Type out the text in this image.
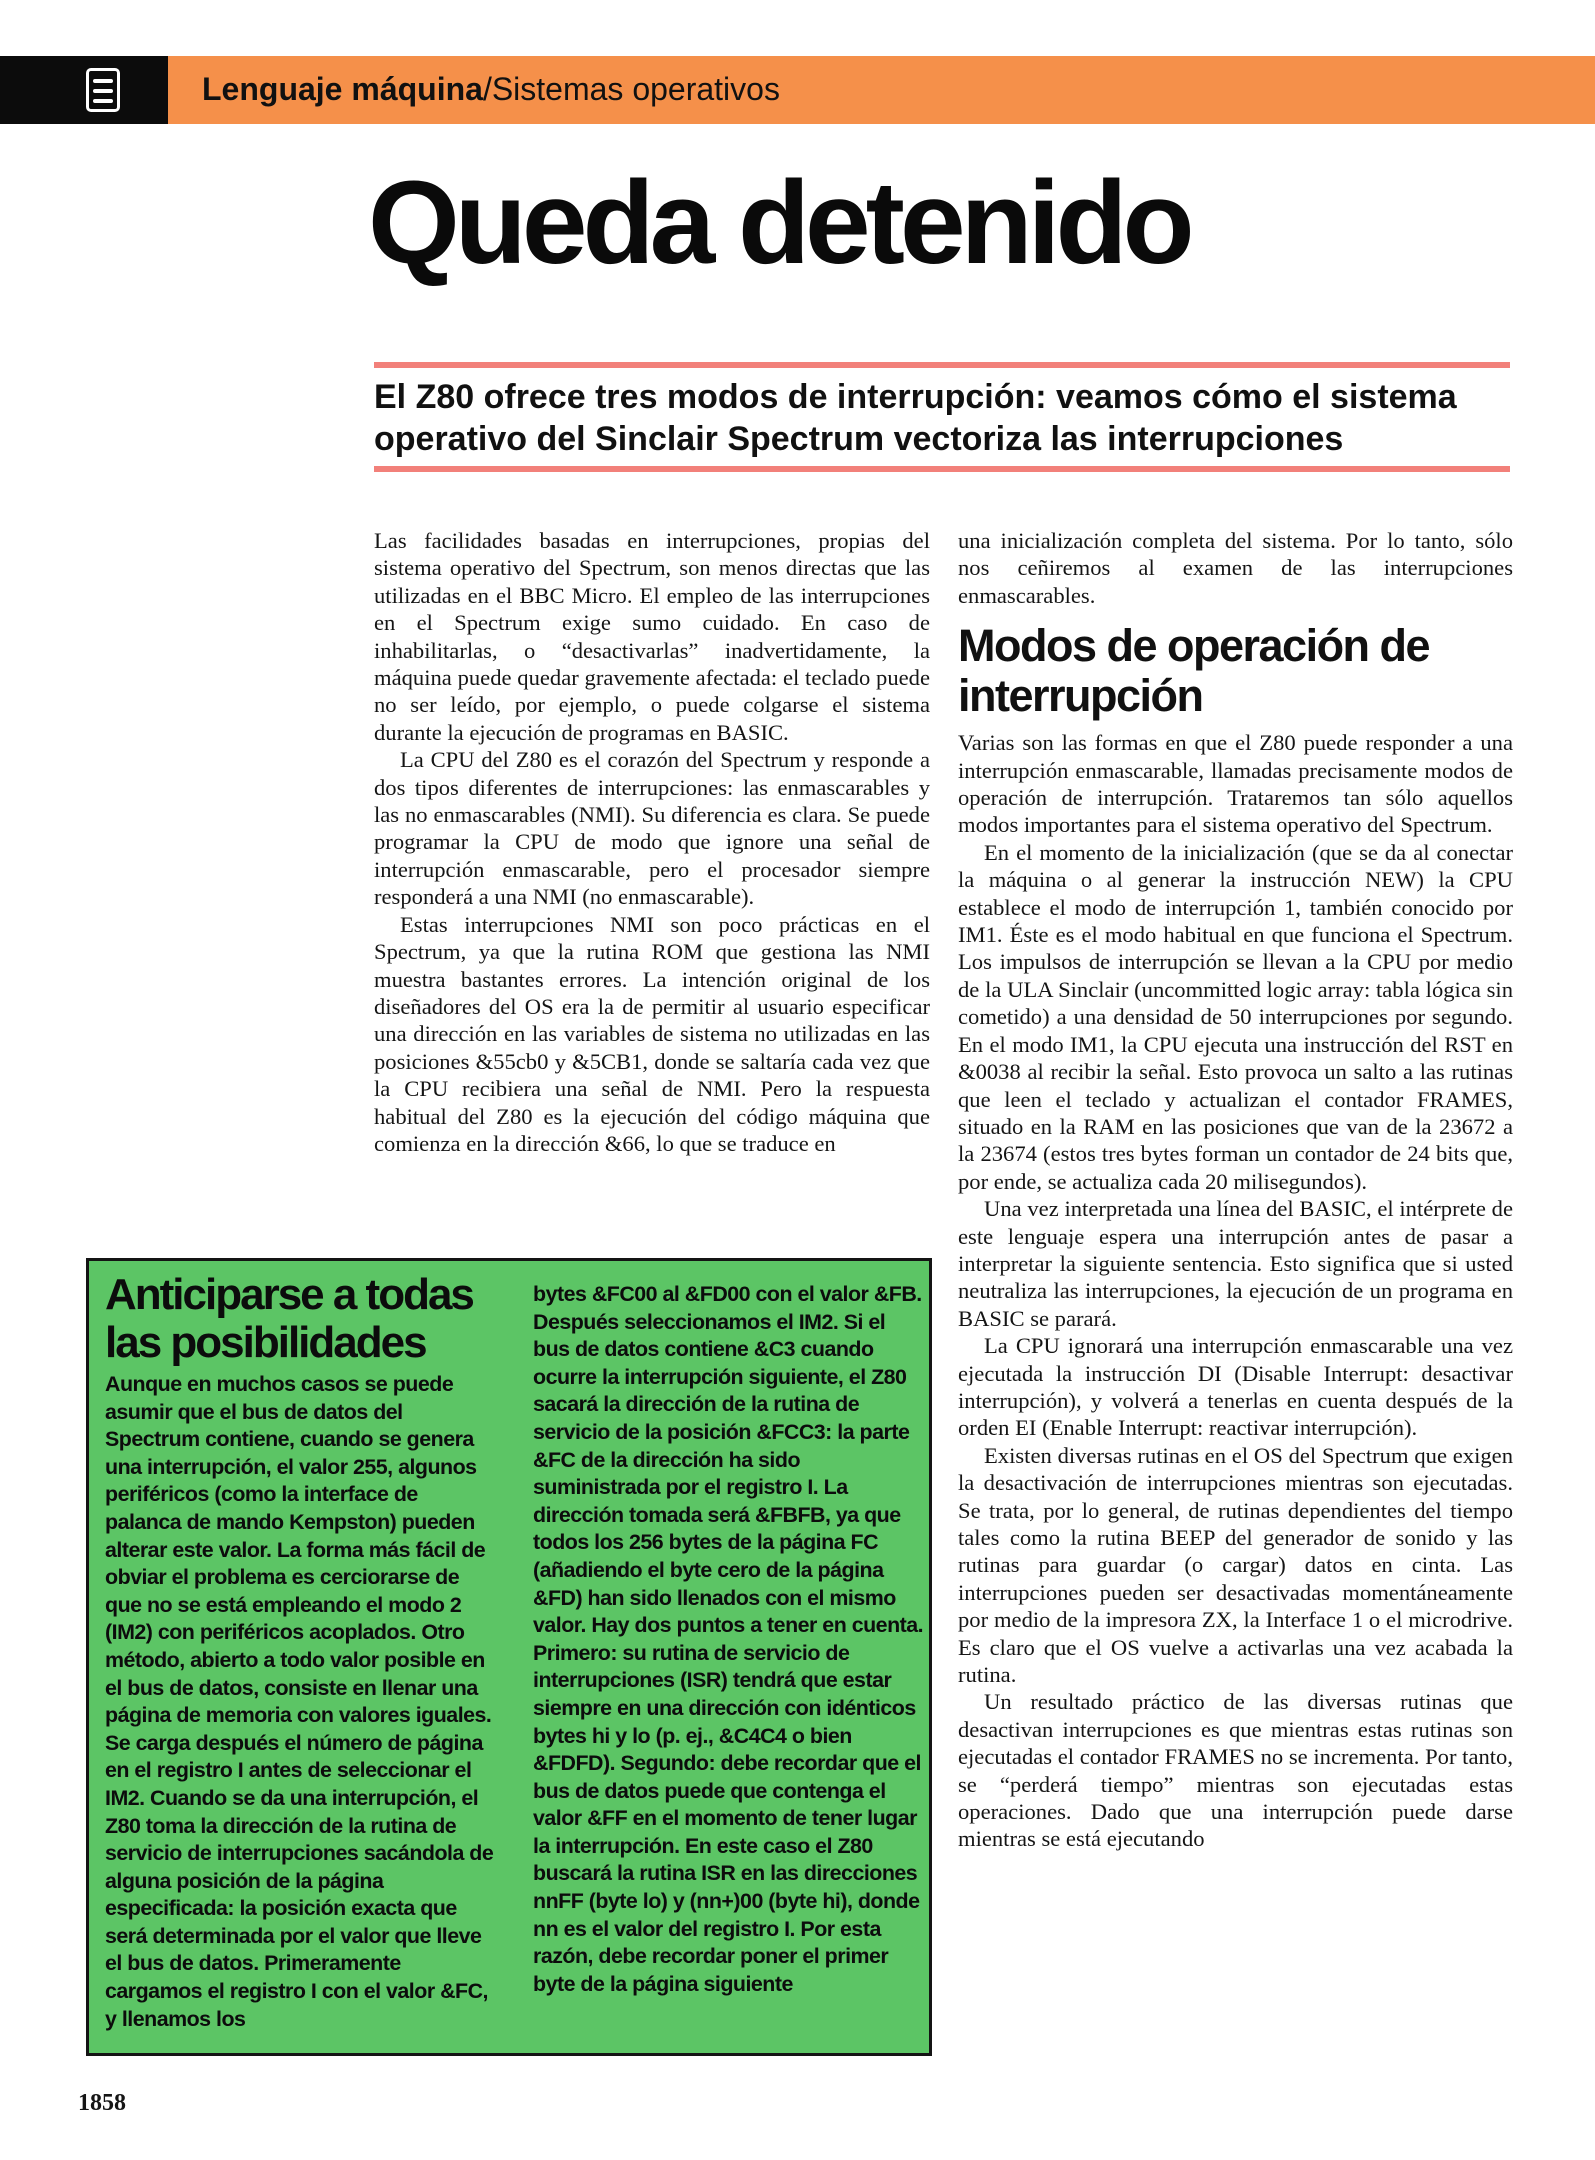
Lenguaje máquina/Sistemas operativos
Queda detenido
El Z80 ofrece tres modos de interrupción: veamos cómo el sistema operativo del Sinclair Spectrum vectoriza las interrupciones

Las facilidades basadas en interrupciones, propias del sistema operativo del Spectrum, son menos directas que las utilizadas en el BBC Micro. El empleo de las interrupciones en el Spectrum exige sumo cuidado. En caso de inhabilitarlas, o “desactivarlas” inadvertidamente, la máquina puede quedar gravemente afectada: el teclado puede no ser leído, por ejemplo, o puede colgarse el sistema durante la ejecución de programas en BASIC.

La CPU del Z80 es el corazón del Spectrum y responde a dos tipos diferentes de interrupciones: las enmascarables y las no enmascarables (NMI). Su diferencia es clara. Se puede programar la CPU de modo que ignore una señal de interrupción enmascarable, pero el procesador siempre responderá a una NMI (no enmascarable).

Estas interrupciones NMI son poco prácticas en el Spectrum, ya que la rutina ROM que gestiona las NMI muestra bastantes errores. La intención original de los diseñadores del OS era la de permitir al usuario especificar una dirección en las variables de sistema no utilizadas en las posiciones &55cb0 y &5CB1, donde se saltaría cada vez que la CPU recibiera una señal de NMI. Pero la respuesta habitual del Z80 es la ejecución del código máquina que comienza en la dirección &66, lo que se traduce en

una inicialización completa del sistema. Por lo tanto, sólo nos ceñiremos al examen de las interrupciones enmascarables.

Modos de operación de interrupción

Varias son las formas en que el Z80 puede responder a una interrupción enmascarable, llamadas precisamente modos de operación de interrupción. Trataremos tan sólo aquellos modos importantes para el sistema operativo del Spectrum.

En el momento de la inicialización (que se da al conectar la máquina o al generar la instrucción NEW) la CPU establece el modo de interrupción 1, también conocido por IM1. Éste es el modo habitual en que funciona el Spectrum. Los impulsos de interrupción se llevan a la CPU por medio de la ULA Sinclair (uncommitted logic array: tabla lógica sin cometido) a una densidad de 50 interrupciones por segundo. En el modo IM1, la CPU ejecuta una instrucción del RST en &0038 al recibir la señal. Esto provoca un salto a las rutinas que leen el teclado y actualizan el contador FRAMES, situado en la RAM en las posiciones que van de la 23672 a la 23674 (estos tres bytes forman un contador de 24 bits que, por ende, se actualiza cada 20 milisegundos).

Una vez interpretada una línea del BASIC, el intérprete de este lenguaje espera una interrupción antes de pasar a interpretar la siguiente sentencia. Esto significa que si usted neutraliza las interrupciones, la ejecución de un programa en BASIC se parará.

La CPU ignorará una interrupción enmascarable una vez ejecutada la instrucción DI (Disable Interrupt: desactivar interrupción), y volverá a tenerlas en cuenta después de la orden EI (Enable Interrupt: reactivar interrupción).

Existen diversas rutinas en el OS del Spectrum que exigen la desactivación de interrupciones mientras son ejecutadas. Se trata, por lo general, de rutinas dependientes del tiempo tales como la rutina BEEP del generador de sonido y las rutinas para guardar (o cargar) datos en cinta. Las interrupciones pueden ser desactivadas momentáneamente por medio de la impresora ZX, la Interface 1 o el microdrive. Es claro que el OS vuelve a activarlas una vez acabada la rutina.

Un resultado práctico de las diversas rutinas que desactivan interrupciones es que mientras estas rutinas son ejecutadas el contador FRAMES no se incrementa. Por tanto, se “perderá tiempo” mientras son ejecutadas estas operaciones. Dado que una interrupción puede darse mientras se está ejecutando

Anticiparse a todas las posibilidades

Aunque en muchos casos se puede asumir que el bus de datos del Spectrum contiene, cuando se genera una interrupción, el valor 255, algunos periféricos (como la interface de palanca de mando Kempston) pueden alterar este valor. La forma más fácil de obviar el problema es cerciorarse de que no se está empleando el modo 2 (IM2) con periféricos acoplados. Otro método, abierto a todo valor posible en el bus de datos, consiste en llenar una página de memoria con valores iguales. Se carga después el número de página en el registro I antes de seleccionar el IM2. Cuando se da una interrupción, el Z80 toma la dirección de la rutina de servicio de interrupciones sacándola de alguna posición de la página especificada: la posición exacta que será determinada por el valor que lleve el bus de datos. Primeramente cargamos el registro I con el valor &FC, y llenamos los

bytes &FC00 al &FD00 con el valor &FB. Después seleccionamos el IM2. Si el bus de datos contiene &C3 cuando ocurre la interrupción siguiente, el Z80 sacará la dirección de la rutina de servicio de la posición &FCC3: la parte &FC de la dirección ha sido suministrada por el registro I. La dirección tomada será &FBFB, ya que todos los 256 bytes de la página FC (añadiendo el byte cero de la página &FD) han sido llenados con el mismo valor. Hay dos puntos a tener en cuenta. Primero: su rutina de servicio de interrupciones (ISR) tendrá que estar siempre en una dirección con idénticos bytes hi y lo (p. ej., &C4C4 o bien &FDFD). Segundo: debe recordar que el bus de datos puede que contenga el valor &FF en el momento de tener lugar la interrupción. En este caso el Z80 buscará la rutina ISR en las direcciones nnFF (byte lo) y (nn+)00 (byte hi), donde nn es el valor del registro I. Por esta razón, debe recordar poner el primer byte de la página siguiente

1858
